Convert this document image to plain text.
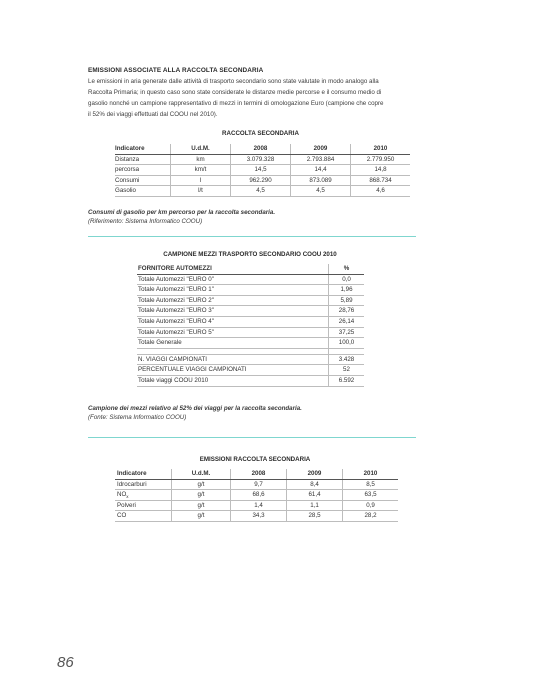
EMISSIONI ASSOCIATE ALLA RACCOLTA SECONDARIA
Le emissioni in aria generate dalle attività di trasporto secondario sono state valutate in modo analogo alla
Raccolta Primaria; in questo caso sono state considerate le distanze medie percorse e il consumo medio di
gasolio nonché un campione rappresentativo di mezzi in termini di omologazione Euro (campione che copre
il 52% dei viaggi effettuati dal COOU nel 2010).
RACCOLTA SECONDARIA
Indicatore	U.d.M.	2008	2009	2010
Distanza	km	3.079.328	2.793.884	2.779.950
percorsa	km/t	14,5	14,4	14,8
Consumi	l	962.290	873.089	868.734
Gasolio	l/t	4,5	4,5	4,6
Consumi di gasolio per km percorso per la raccolta secondaria.
(Riferimento: Sistema Informatico COOU)
CAMPIONE MEZZI TRASPORTO SECONDARIO COOU 2010
FORNITORE AUTOMEZZI	%
Totale Automezzi "EURO 0"	0,0
Totale Automezzi "EURO 1"	1,96
Totale Automezzi "EURO 2"	5,89
Totale Automezzi "EURO 3"	28,76
Totale Automezzi "EURO 4"	26,14
Totale Automezzi "EURO 5"	37,25
Totale Generale	100,0

N. VIAGGI CAMPIONATI	3.428
PERCENTUALE VIAGGI CAMPIONATI	52
Totale viaggi COOU 2010	6.592
Campione dei mezzi relativo al 52% dei viaggi per la raccolta secondaria.
(Fonte: Sistema Informatico COOU)
EMISSIONI RACCOLTA SECONDARIA
Indicatore	U.d.M.	2008	2009	2010
Idrocarburi	g/t	9,7	8,4	8,5
$NO_x$	g/t	68,6	61,4	63,5
Polveri	g/t	1,4	1,1	0,9
CO	g/t	34,3	28,5	28,2
86
